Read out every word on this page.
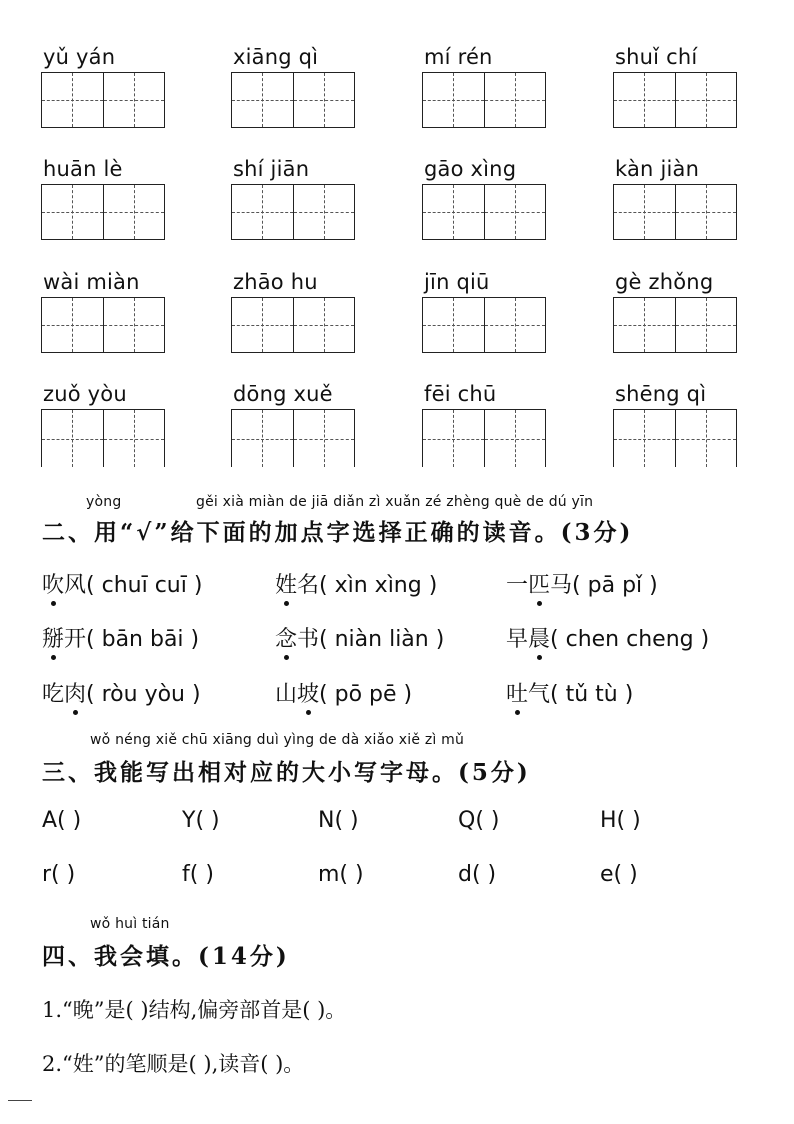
yǔ yán	xiāng qì	mí rén	shuǐ chí
huān lè	shí jiān	gāo xìng	kàn jiàn
wài miàn	zhāo hu	jīn qiū	gè zhǒng
zuǒ yòu	dōng xuě	fēi chū	shēng qì
yòng	gěi xià miàn de jiā diǎn zì xuǎn zé zhèng què de dú yīn
二、用“√”给下面的加点字选择正确的读音。(3分)
吹风( chuī cuī )	姓名( xìn xìng )	一匹马( pā pǐ )
掰开( bān bāi )	念书( niàn liàn )	早晨( chen cheng )
吃肉( ròu yòu )	山坡( pō pē )	吐气( tǔ tù )
wǒ néng xiě chū xiāng duì yìng de dà xiǎo xiě zì mǔ
三、我能写出相对应的大小写字母。(5分)
A( )	Y( )	N( )	Q( )	H( )
r( )	f( )	m( )	d( )	e( )
wǒ huì tián
四、我会填。(14分)
1.“晚”是( )结构,偏旁部首是( )。
2.“姓”的笔顺是( ),读音( )。
